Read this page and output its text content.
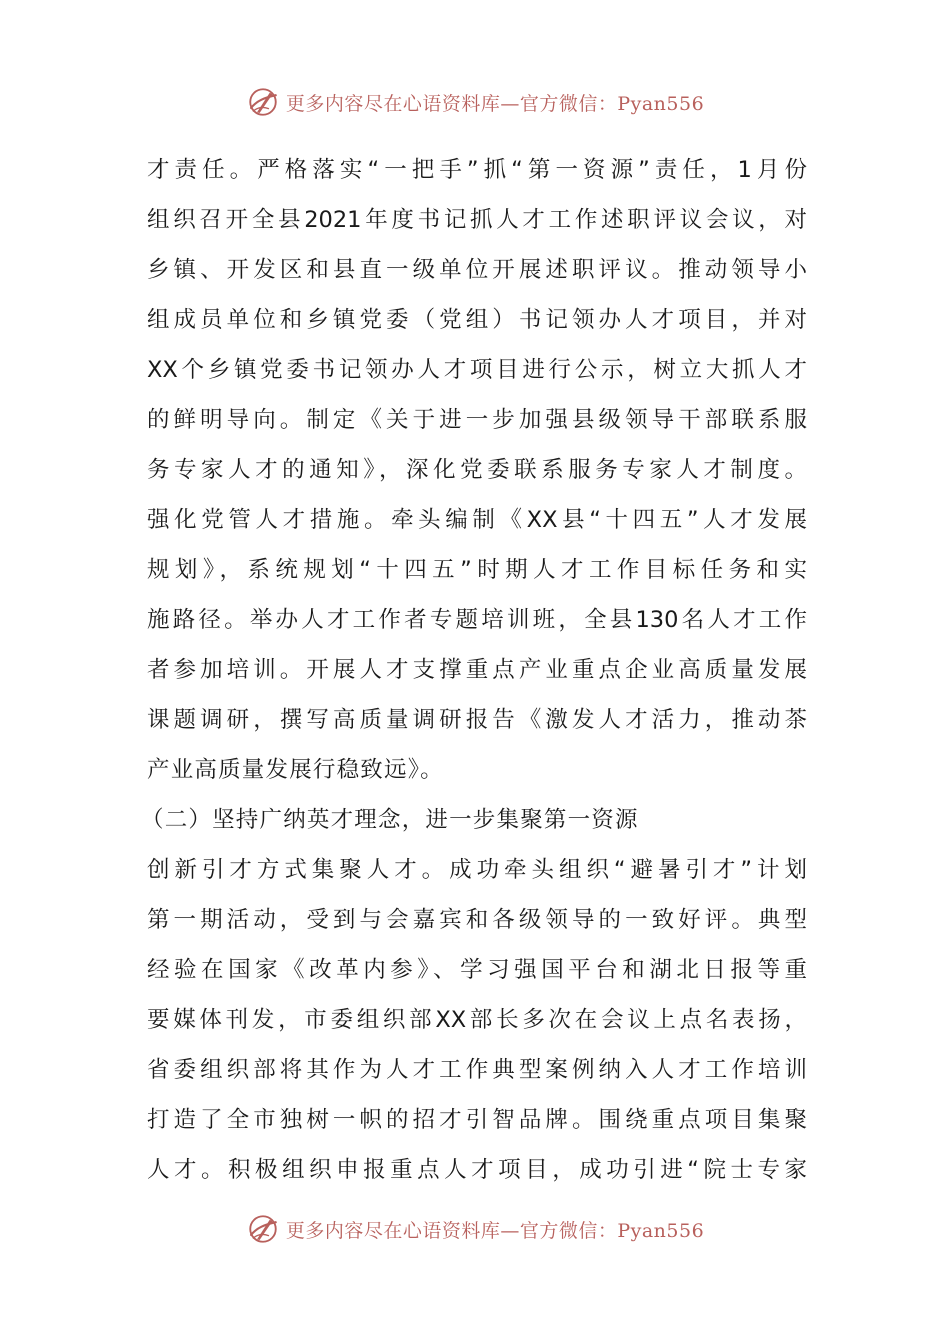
更多内容尽在心语资料库—官方微信：Pyan556
才责任。严格落实“一把手”抓“第一资源”责任，1月份
组织召开全县2021年度书记抓人才工作述职评议会议，对
乡镇、开发区和县直一级单位开展述职评议。推动领导小
组成员单位和乡镇党委（党组）书记领办人才项目，并对
XX个乡镇党委书记领办人才项目进行公示，树立大抓人才
的鲜明导向。制定《关于进一步加强县级领导干部联系服
务专家人才的通知》，深化党委联系服务专家人才制度。
强化党管人才措施。牵头编制《XX县“十四五”人才发展
规划》，系统规划“十四五”时期人才工作目标任务和实
施路径。举办人才工作者专题培训班，全县130名人才工作
者参加培训。开展人才支撑重点产业重点企业高质量发展
课题调研，撰写高质量调研报告《激发人才活力，推动茶
产业高质量发展行稳致远》。
（二）坚持广纳英才理念，进一步集聚第一资源
创新引才方式集聚人才。成功牵头组织“避暑引才”计划
第一期活动，受到与会嘉宾和各级领导的一致好评。典型
经验在国家《改革内参》、学习强国平台和湖北日报等重
要媒体刊发，市委组织部XX部长多次在会议上点名表扬，
省委组织部将其作为人才工作典型案例纳入人才工作培训
打造了全市独树一帜的招才引智品牌。围绕重点项目集聚
人才。积极组织申报重点人才项目，成功引进“院士专家
更多内容尽在心语资料库—官方微信：Pyan556
